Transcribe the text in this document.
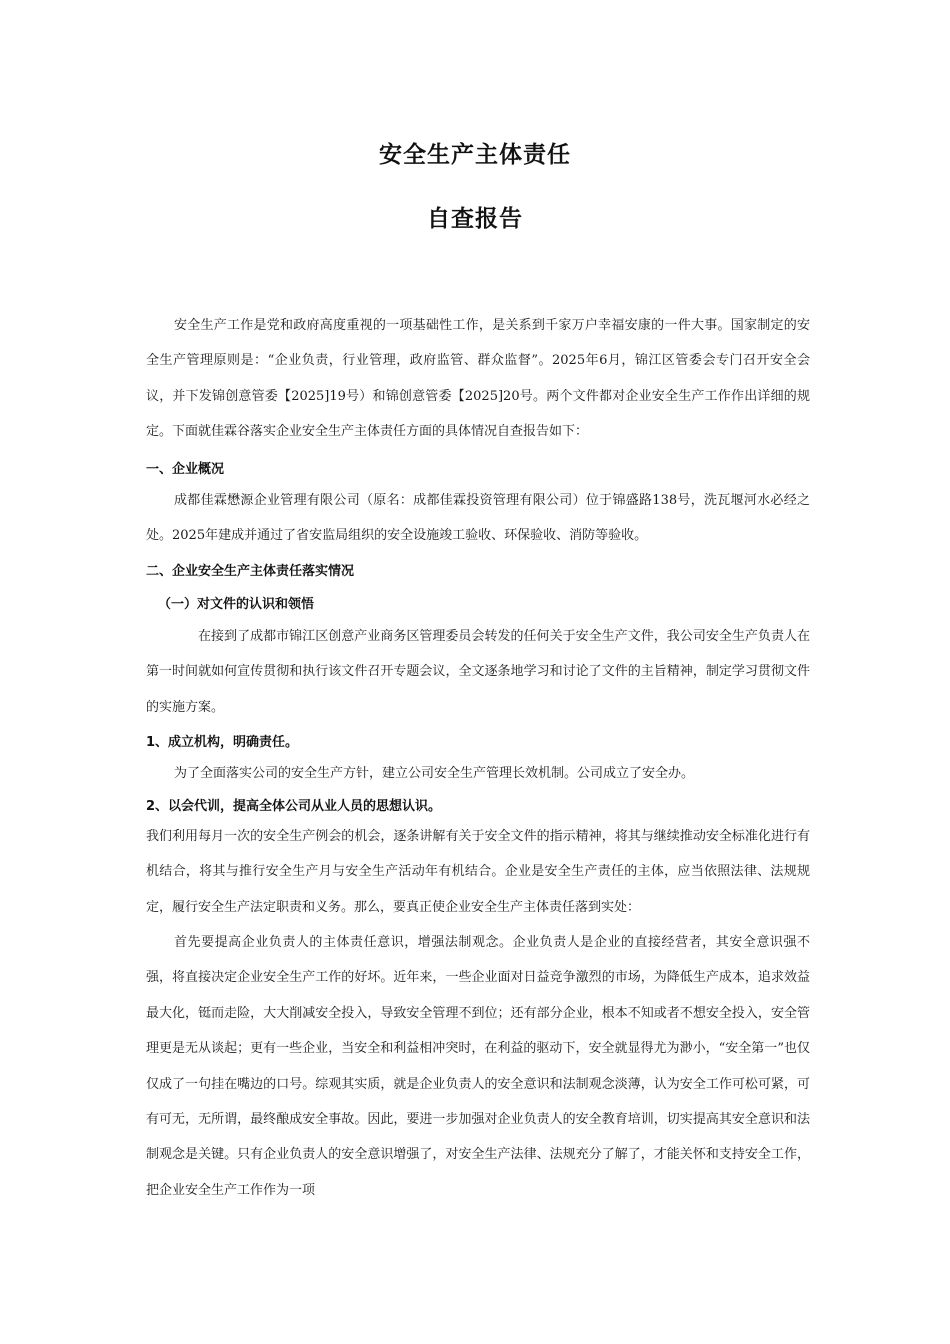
安全生产主体责任
自查报告

安全生产工作是党和政府高度重视的一项基础性工作，是关系到千家万户幸福安康的一件大事。国家制定的安全生产管理原则是：“企业负责，行业管理，政府监管、群众监督”。2025年6月，锦江区管委会专门召开安全会议，并下发锦创意管委【2025]19号）和锦创意管委【2025]20号。两个文件都对企业安全生产工作作出详细的规定。下面就佳霖谷落实企业安全生产主体责任方面的具体情况自查报告如下：

一、企业概况

成都佳霖懋源企业管理有限公司（原名：成都佳霖投资管理有限公司）位于锦盛路138号，洗瓦堰河水必经之处。2025年建成并通过了省安监局组织的安全设施竣工验收、环保验收、消防等验收。

二、企业安全生产主体责任落实情况
（一）对文件的认识和领悟

在接到了成都市锦江区创意产业商务区管理委员会转发的任何关于安全生产文件，我公司安全生产负责人在第一时间就如何宣传贯彻和执行该文件召开专题会议，全文逐条地学习和讨论了文件的主旨精神，制定学习贯彻文件的实施方案。

1、成立机构，明确责任。

为了全面落实公司的安全生产方针，建立公司安全生产管理长效机制。公司成立了安全办。

2、以会代训，提高全体公司从业人员的思想认识。

我们利用每月一次的安全生产例会的机会，逐条讲解有关于安全文件的指示精神，将其与继续推动安全标准化进行有机结合，将其与推行安全生产月与安全生产活动年有机结合。企业是安全生产责任的主体，应当依照法律、法规规定，履行安全生产法定职责和义务。那么，要真正使企业安全生产主体责任落到实处：

首先要提高企业负责人的主体责任意识，增强法制观念。企业负责人是企业的直接经营者，其安全意识强不强，将直接决定企业安全生产工作的好坏。近年来，一些企业面对日益竞争激烈的市场，为降低生产成本，追求效益最大化，铤而走险，大大削减安全投入，导致安全管理不到位；还有部分企业，根本不知或者不想安全投入，安全管理更是无从谈起；更有一些企业，当安全和利益相冲突时，在利益的驱动下，安全就显得尤为渺小，“安全第一”也仅仅成了一句挂在嘴边的口号。综观其实质，就是企业负责人的安全意识和法制观念淡薄，认为安全工作可松可紧，可有可无，无所谓，最终酿成安全事故。因此，要进一步加强对企业负责人的安全教育培训，切实提高其安全意识和法制观念是关键。只有企业负责人的安全意识增强了，对安全生产法律、法规充分了解了，才能关怀和支持安全工作，把企业安全生产工作作为一项
